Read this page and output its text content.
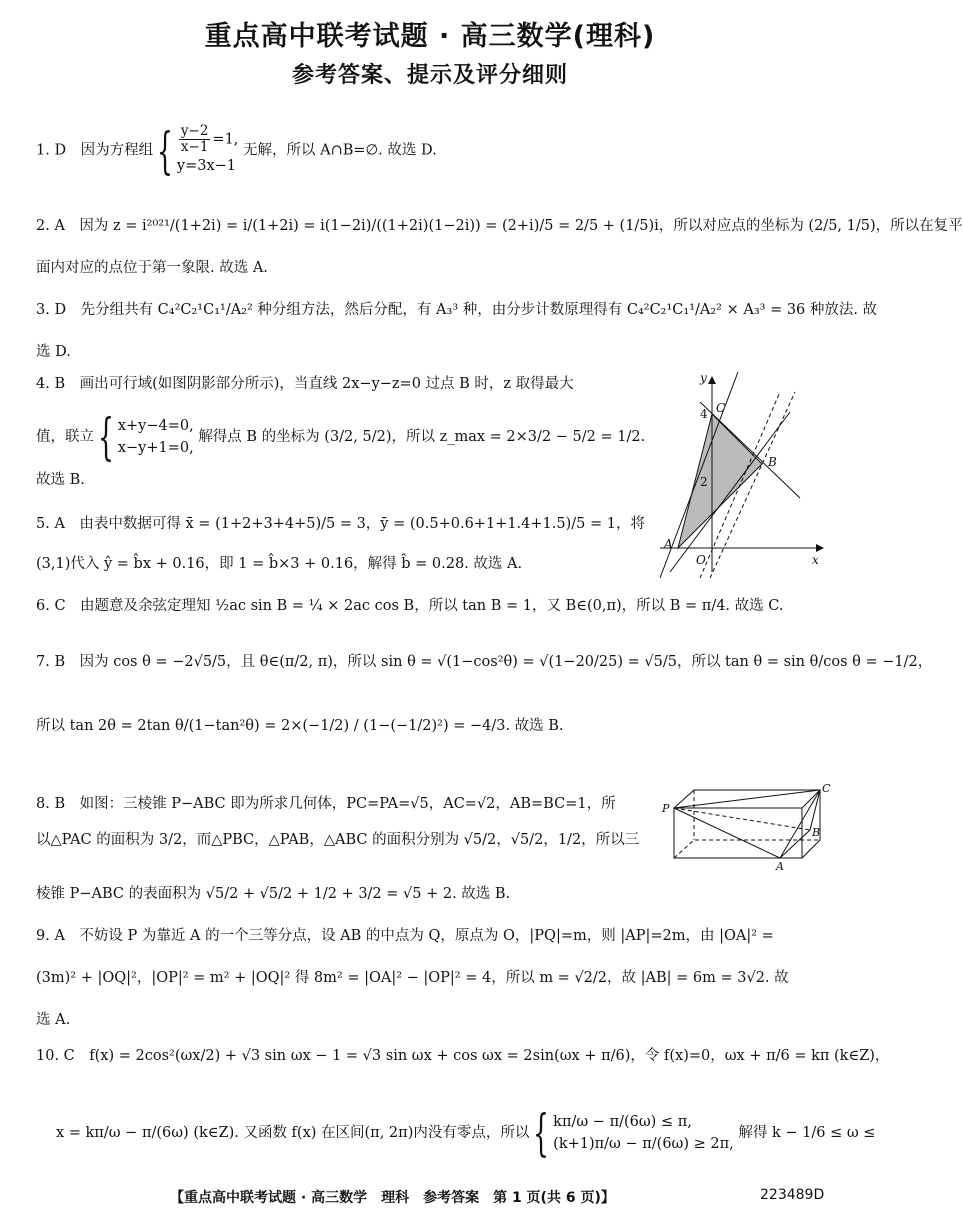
重点高中联考试题 · 高三数学(理科)
参考答案、提示及评分细则
1. D　因为方程组{ $\frac{y-2}{x-1} =1$,
y=3x−1
无解，所以 A∩B=∅. 故选 D.
2. A　因为 z = i²⁰²¹/(1+2i) = i/(1+2i) = i(1−2i)/((1+2i)(1−2i)) = (2+i)/5 = 2/5 + (1/5)i，所以对应点的坐标为 (2/5, 1/5)，所以在复平
面内对应的点位于第一象限. 故选 A.
3. D　先分组共有 C₄²C₂¹C₁¹/A₂² 种分组方法，然后分配，有 A₃³ 种，由分步计数原理得有 C₄²C₂¹C₁¹/A₂² × A₃³ = 36 种放法. 故
选 D.
4. B　画出可行域(如图阴影部分所示)，当直线 2x−y−z=0 过点 B 时，z 取得最大
值，联立{ x+y−4=0,
x−y+1=0,
解得点 B 的坐标为 (3/2, 5/2)，所以 z_max = 2×3/2 − 5/2 = 1/2.
故选 B.
y
x
C
B
A
O
4
2
5. A　由表中数据可得 x̄ = (1+2+3+4+5)/5 = 3，ȳ = (0.5+0.6+1+1.4+1.5)/5 = 1，将
(3,1)代入 ŷ = b̂x + 0.16，即 1 = b̂×3 + 0.16，解得 b̂ = 0.28. 故选 A.
6. C　由题意及余弦定理知 ½ac sin B = ¼ × 2ac cos B，所以 tan B = 1，又 B∈(0,π)，所以 B = π/4. 故选 C.
7. B　因为 cos θ = −2√5/5，且 θ∈(π/2, π)，所以 sin θ = √(1−cos²θ) = √(1−20/25) = √5/5，所以 tan θ = sin θ/cos θ = −1/2，
所以 tan 2θ = 2tan θ/(1−tan²θ) = 2×(−1/2) / (1−(−1/2)²) = −4/3. 故选 B.
8. B　如图：三棱锥 P−ABC 即为所求几何体，PC=PA=√5，AC=√2，AB=BC=1，所
以△PAC 的面积为 3/2，而△PBC，△PAB，△ABC 的面积分别为 √5/2，√5/2，1/2，所以三
棱锥 P−ABC 的表面积为 √5/2 + √5/2 + 1/2 + 3/2 = √5 + 2. 故选 B.
P
C
B
A
9. A　不妨设 P 为靠近 A 的一个三等分点，设 AB 的中点为 Q，原点为 O，|PQ|=m，则 |AP|=2m，由 |OA|² =
(3m)² + |OQ|²，|OP|² = m² + |OQ|² 得 8m² = |OA|² − |OP|² = 4，所以 m = √2/2，故 |AB| = 6m = 3√2. 故
选 A.
10. C　f(x) = 2cos²(ωx/2) + √3 sin ωx − 1 = √3 sin ωx + cos ωx = 2sin(ωx + π/6)，令 f(x)=0，ωx + π/6 = kπ (k∈Z)，
x = kπ/ω − π/(6ω) (k∈Z). 又函数 f(x) 在区间(π, 2π)内没有零点，所以{ kπ/ω − π/(6ω) ≤ π,
(k+1)π/ω − π/(6ω) ≥ 2π,
解得 k − 1/6 ≤ ω ≤
【重点高中联考试题 · 高三数学　理科　参考答案　第 1 页(共 6 页)】	223489D
